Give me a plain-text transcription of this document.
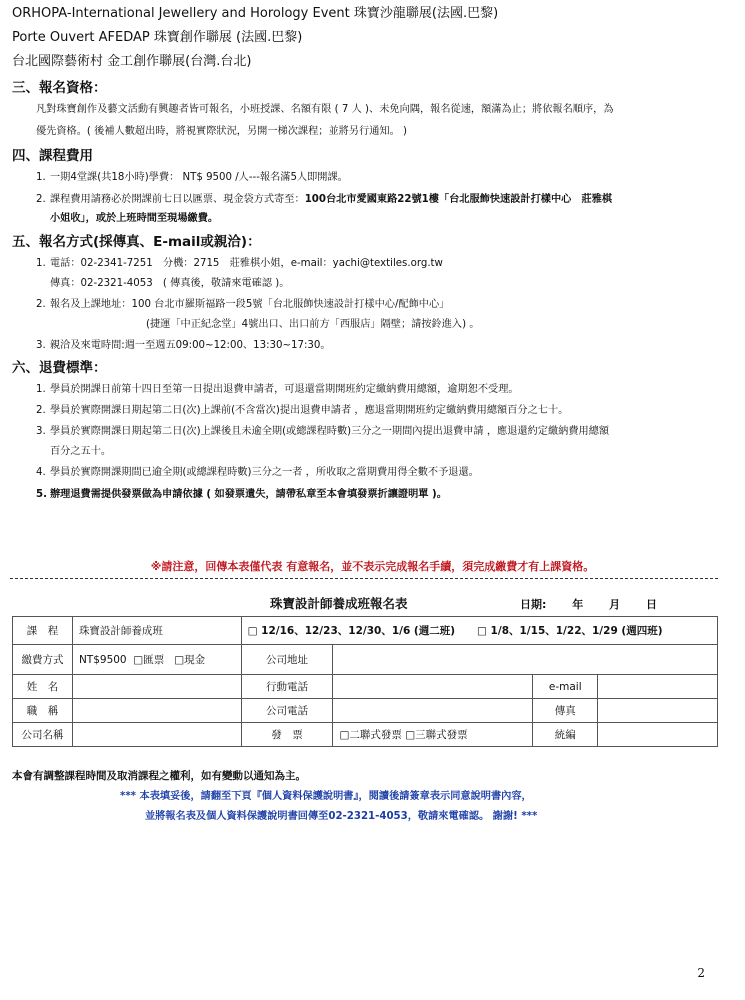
ORHOPA-International Jewellery and Horology Event 珠寶沙龍聯展(法國.巴黎)
Porte Ouvert AFEDAP 珠寶創作聯展 (法國.巴黎)
台北國際藝術村 金工創作聯展(台灣.台北)
三、報名資格：
凡對珠寶創作及藝文活動有興趣者皆可報名，小班授課、名額有限 ( 7 人 )、未免向隅，報名從速，額滿為止；將依報名順序，為
優先資格。( 後補人數超出時，將視實際狀況，另開一梯次課程；並將另行通知。 )
四、課程費用
1. 一期4堂課(共18小時)學費： NT$ 9500 /人---報名滿5人即開課。
2. 課程費用請務必於開課前七日以匯票、現金袋方式寄至：100台北市愛國東路22號1樓「台北服飾快速設計打樣中心　莊雅棋
小姐收」，或於上班時間至現場繳費。
五、報名方式(採傳真、E-mail或親洽)：
1. 電話：02-2341-7251　分機：2715　莊雅棋小姐，e-mail：yachi@textiles.org.tw
傳真：02-2321-4053　( 傳真後，敬請來電確認 )。
2. 報名及上課地址：100 台北市羅斯福路一段5號「台北服飾快速設計打樣中心/配飾中心」
(捷運「中正紀念堂」4號出口、出口前方「西服店」隔壁；請按鈴進入) 。
3. 親洽及來電時間:週一至週五09:00~12:00、13:30~17:30。
六、退費標準：
1. 學員於開課日前第十四日至第一日提出退費申請者，可退還當期開班約定繳納費用總額，逾期恕不受理。
2. 學員於實際開課日期起第二日(次)上課前(不含當次)提出退費申請者 ，應退當期開班約定繳納費用總額百分之七十。
3. 學員於實際開課日期起第二日(次)上課後且未逾全期(或總課程時數)三分之一期間內提出退費申請 ，應退還約定繳納費用總額
百分之五十。
4. 學員於實際開課期間已逾全期(或總課程時數)三分之一者 ，所收取之當期費用得全數不予退還。
5. 辦理退費需提供發票做為申請依據 ( 如發票遺失，請帶私章至本會填發票折讓證明單 )。
※請注意，回傳本表僅代表 有意報名，並不表示完成報名手續，須完成繳費才有上課資格。
珠寶設計師養成班報名表	日期: 年 月 日
課　程	珠寶設計師養成班	□ 12/16、12/23、12/30、1/6 (週二班) □ 1/8、1/15、1/22、1/29 (週四班)			
繳費方式	NT$9500 □匯票 □現金	公司地址			
姓　名		行動電話		e-mail	
職　稱		公司電話		傳真	
公司名稱		發　票	□二聯式發票 □三聯式發票	統編	
本會有調整課程時間及取消課程之權利，如有變動以通知為主。
*** 本表填妥後，請翻至下頁『個人資料保護說明書』，閱讀後請簽章表示同意說明書內容，
並將報名表及個人資料保護說明書回傳至02-2321-4053，敬請來電確認。 謝謝! ***
2
